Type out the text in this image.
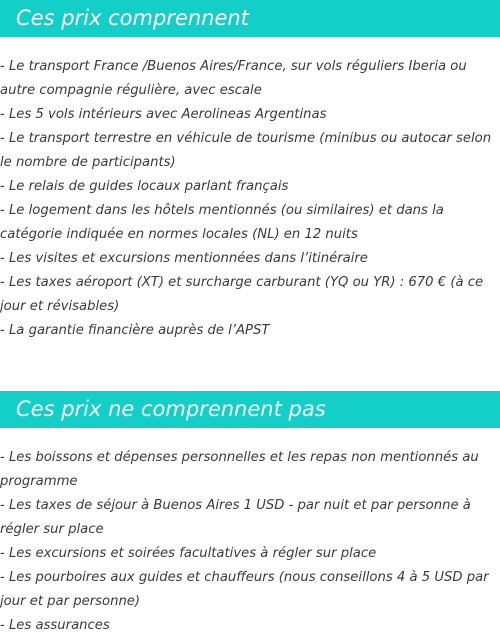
Ces prix comprennent
- Le transport France /Buenos Aires/France, sur vols réguliers Iberia ou autre compagnie régulière, avec escale
- Les 5 vols intérieurs avec Aerolineas Argentinas
- Le transport terrestre en véhicule de tourisme (minibus ou autocar selon le nombre de participants)
- Le relais de guides locaux parlant français
- Le logement dans les hôtels mentionnés (ou similaires) et dans la catégorie indiquée en normes locales (NL) en 12 nuits
- Les visites et excursions mentionnées dans l’itinéraire
- Les taxes aéroport (XT) et surcharge carburant (YQ ou YR) : 670 € (à ce jour et révisables)
- La garantie financière auprès de l’APST
Ces prix ne comprennent pas
- Les boissons et dépenses personnelles et les repas non mentionnés au programme
- Les taxes de séjour à Buenos Aires 1 USD - par nuit et par personne à régler sur place
- Les excursions et soirées facultatives à régler sur place
- Les pourboires aux guides et chauffeurs (nous conseillons 4 à 5 USD par jour et par personne)
- Les assurances
